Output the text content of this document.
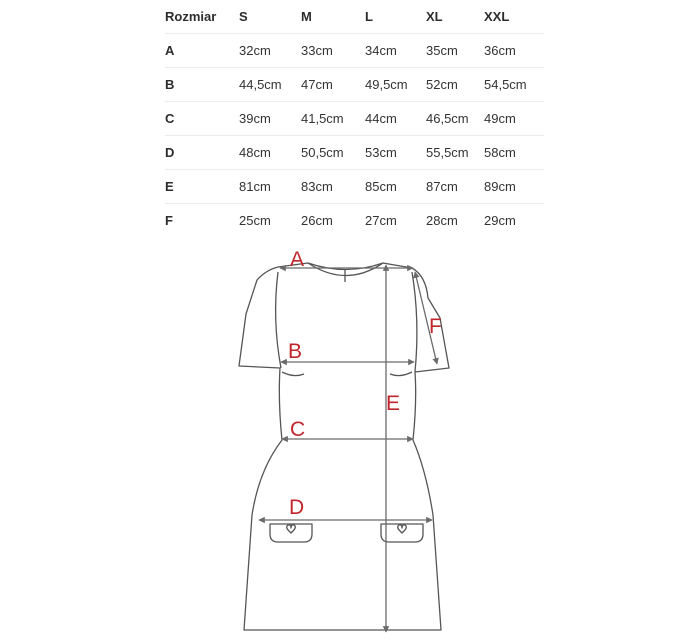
Rozmiar	S	M	L	XL	XXL
A	32cm	33cm	34cm	35cm	36cm
B	44,5cm	47cm	49,5cm	52cm	54,5cm
C	39cm	41,5cm	44cm	46,5cm	49cm
D	48cm	50,5cm	53cm	55,5cm	58cm
E	81cm	83cm	85cm	87cm	89cm
F	25cm	26cm	27cm	28cm	29cm
A
B
C
D
E
F
